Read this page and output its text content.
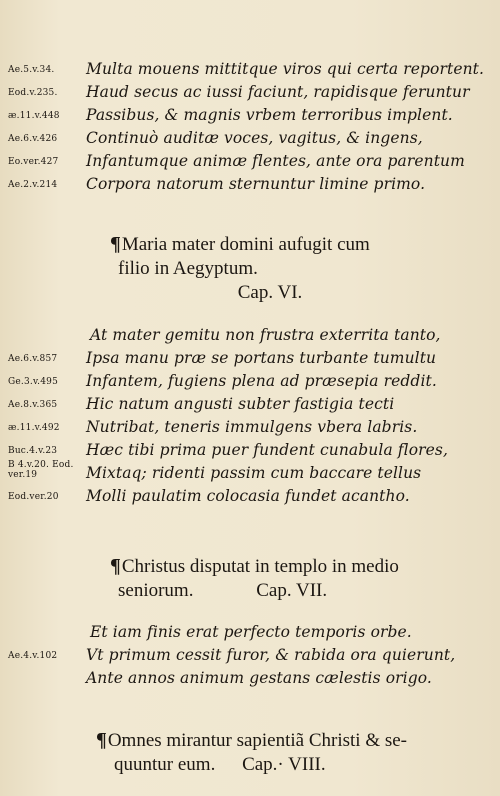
Ae.5.v.34.	Multa mouens mittitque viros qui certa reportent.
Eod.v.235.	Haud secus ac iussi faciunt, rapidisque feruntur
æ.11.v.448	Passibus, & magnis vrbem terroribus implent.
Ae.6.v.426	Continuò auditæ voces, vagitus, & ingens,
Eo.ver.427	Infantumque animæ flentes, ante ora parentum
Ae.2.v.214	Corpora natorum sternuntur limine primo.
¶Maria mater domini aufugit cum
filio in Aegyptum.
Cap. VI.
At mater gemitu non frustra exterrita tanto,
Ae.6.v.857	Ipsa manu præ se portans turbante tumultu
Ge.3.v.495	Infantem, fugiens plena ad præsepia reddit.
Ae.8.v.365	Hic natum angusti subter fastigia tecti
æ.11.v.492	Nutribat, teneris immulgens vbera labris.
Buc.4.v.23	Hæc tibi prima puer fundent cunabula flores,
B 4.v.20. Eod. ver.19	Mixtaq; ridenti passim cum baccare tellus
Eod.ver.20	Molli paulatim colocasia fundet acantho.
¶Christus disputat in templo in medio
seniorum.	Cap. VII.
Et iam finis erat perfecto temporis orbe.
Ae.4.v.102	Vt primum cessit furor, & rabida ora quierunt,
Ante annos animum gestans cælestis origo.
¶Omnes mirantur sapientiã Christi & se-
quuntur eum. Cap.· VIII.
